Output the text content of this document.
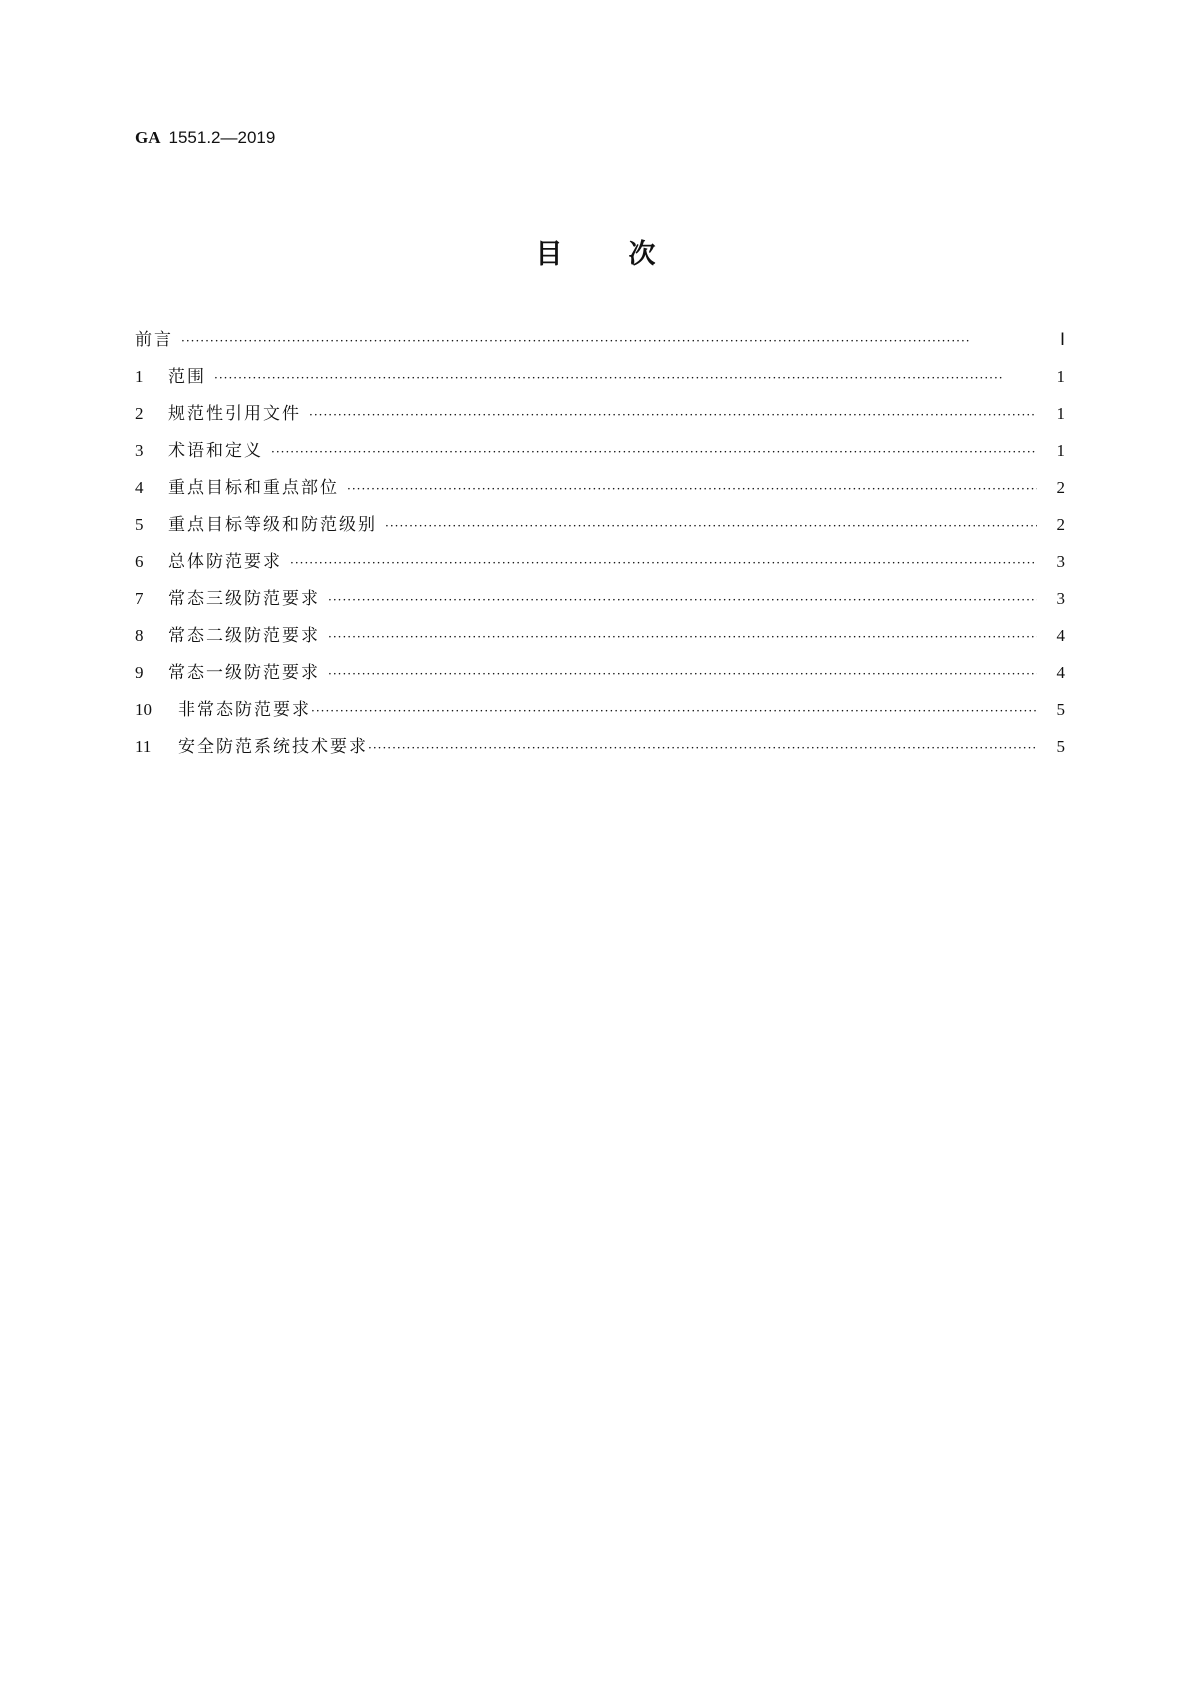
GA 1551.2—2019
目 次
前言 ·····	Ⅰ
1	范围 ·····	1
2	规范性引用文件 ·····	1
3	术语和定义 ·····	1
4	重点目标和重点部位 ·····	2
5	重点目标等级和防范级别 ·····	2
6	总体防范要求 ·····	3
7	常态三级防范要求 ·····	3
8	常态二级防范要求 ·····	4
9	常态一级防范要求 ·····	4
10	非常态防范要求 ·····	5
11	安全防范系统技术要求 ·····	5
